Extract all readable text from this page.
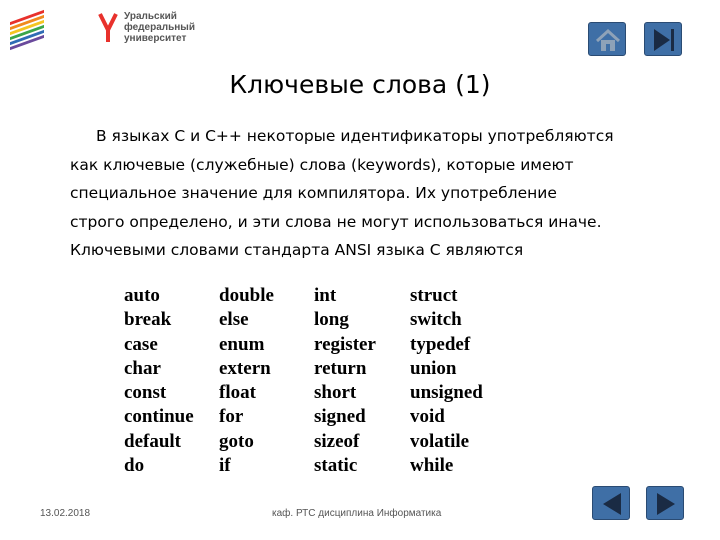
Уральский
федеральный
университет
Ключевые слова (1)
В языках С и С++ некоторые идентификаторы употребляются
как ключевые (служебные) слова (keywords), которые имеют
специальное значение для компилятора. Их употребление
строго определено, и эти слова не могут использоваться иначе.
Ключевыми словами стандарта ANSI языка С являются
auto
break
case
char
const
continue
default
do
double
else
enum
extern
float
for
goto
if
int
long
register
return
short
signed
sizeof
static
struct
switch
typedef
union
unsigned
void
volatile
while
13.02.2018	каф. РТС дисциплина Информатика
